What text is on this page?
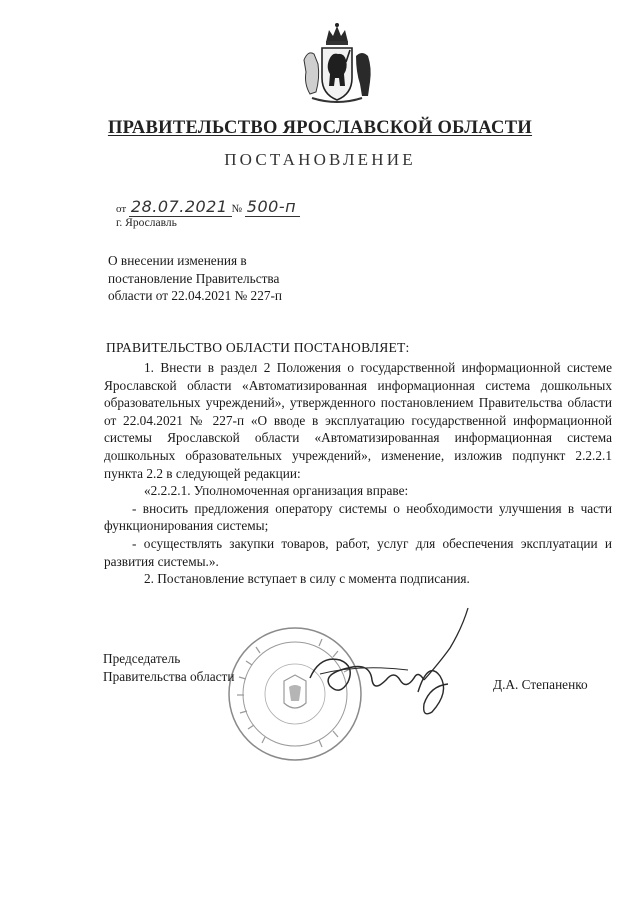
ПРАВИТЕЛЬСТВО ЯРОСЛАВСКОЙ ОБЛАСТИ
ПОСТАНОВЛЕНИЕ
от 28.07.2021 № 500-п
г. Ярославль
О внесении изменения в
постановление Правительства
области от 22.04.2021 № 227-п
ПРАВИТЕЛЬСТВО ОБЛАСТИ ПОСТАНОВЛЯЕТ:

1. Внести в раздел 2 Положения о государственной информационной системе Ярославской области «Автоматизированная информационная система дошкольных образовательных учреждений», утвержденного постановлением Правительства области от 22.04.2021 № 227-п «О вводе в эксплуатацию государственной информационной системы Ярославской области «Автоматизированная информационная система дошкольных образовательных учреждений», изменение, изложив подпункт 2.2.2.1 пункта 2.2 в следующей редакции:

«2.2.2.1. Уполномоченная организация вправе:

- вносить предложения оператору системы о необходимости улучшения в части функционирования системы;

- осуществлять закупки товаров, работ, услуг для обеспечения эксплуатации и развития системы.».

2. Постановление вступает в силу с момента подписания.

Председатель
Правительства области
Д.А. Степаненко
